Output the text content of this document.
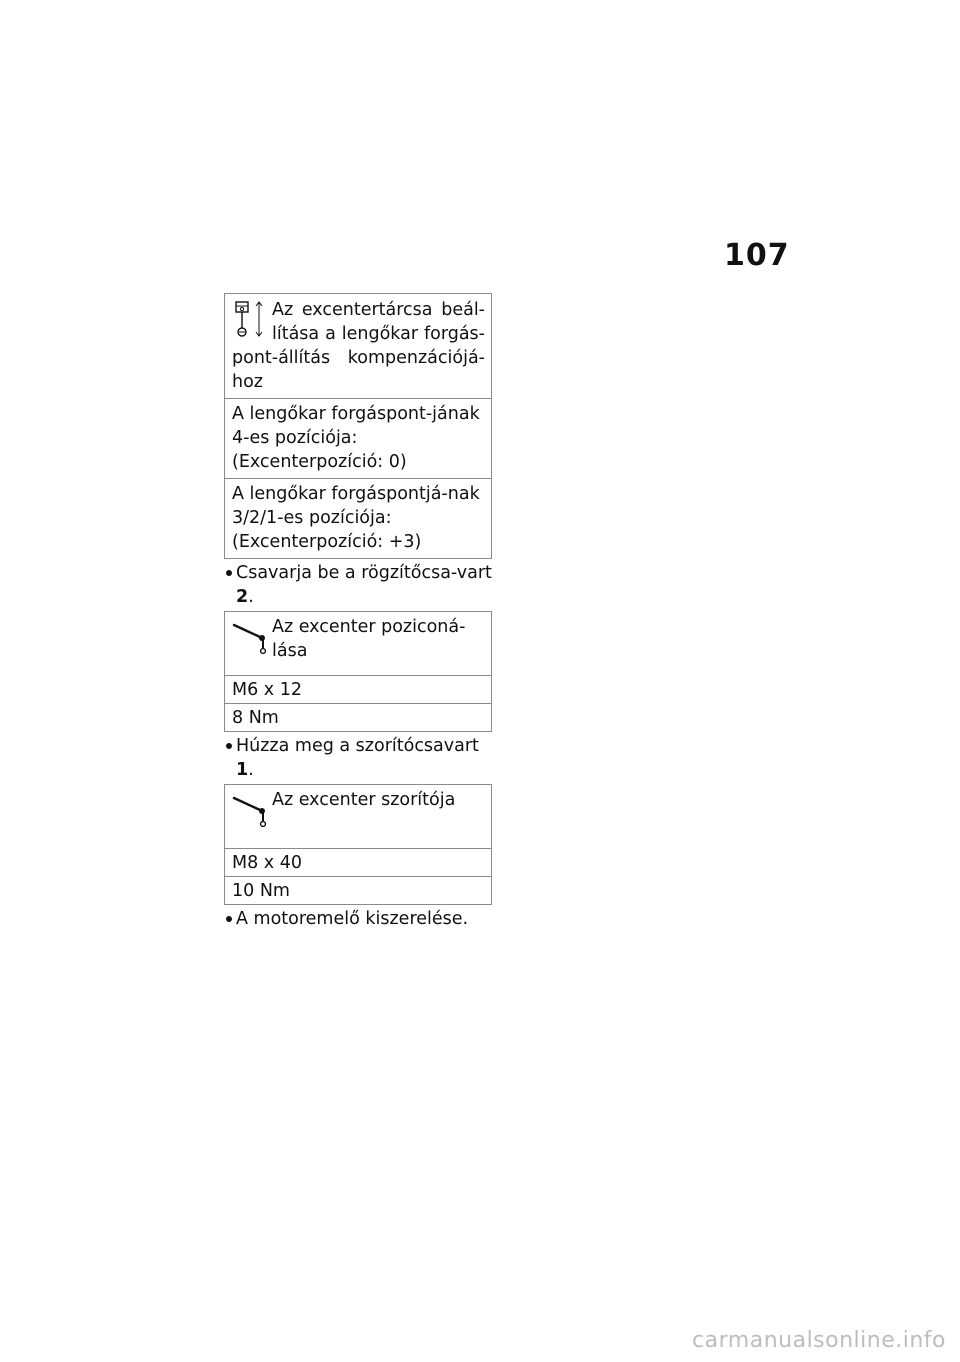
107
Az excentertárcsa beál-lítása a lengőkar forgás-pont-állítás kompenzációjá-hoz
A lengőkar forgáspont-jának 4-es pozíciója: (Excenterpozíció: 0)
A lengőkar forgáspontjá-nak 3/2/1-es pozíciója: (Excenterpozíció: +3)
Csavarja be a rögzítőcsa-vart 2.
Az excenter poziconá-lása
M6 x 12
8 Nm
Húzza meg a szorítócsavart 1.
Az excenter szorítója
M8 x 40
10 Nm
A motoremelő kiszerelése.
carmanualsonline.info
